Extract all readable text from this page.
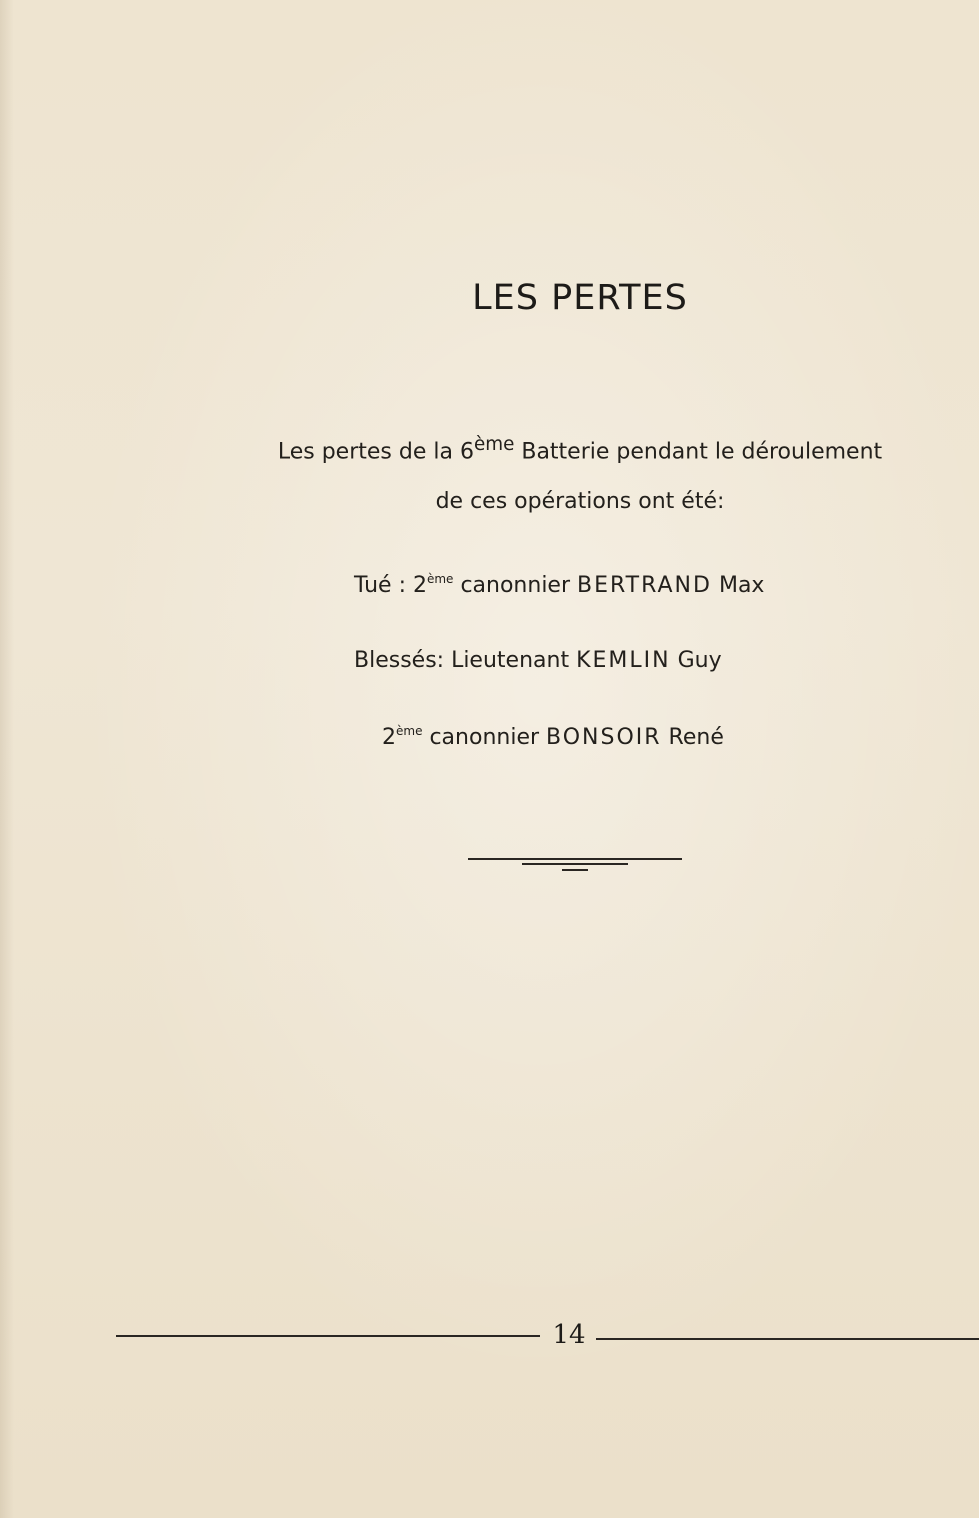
LES PERTES

Les pertes de la 6ème Batterie pendant le déroulement

de ces opérations ont été:

Tué : 2ème canonnier BERTRAND Max
Blessés: Lieutenant KEMLIN Guy
2ème canonnier BONSOIR René
14
